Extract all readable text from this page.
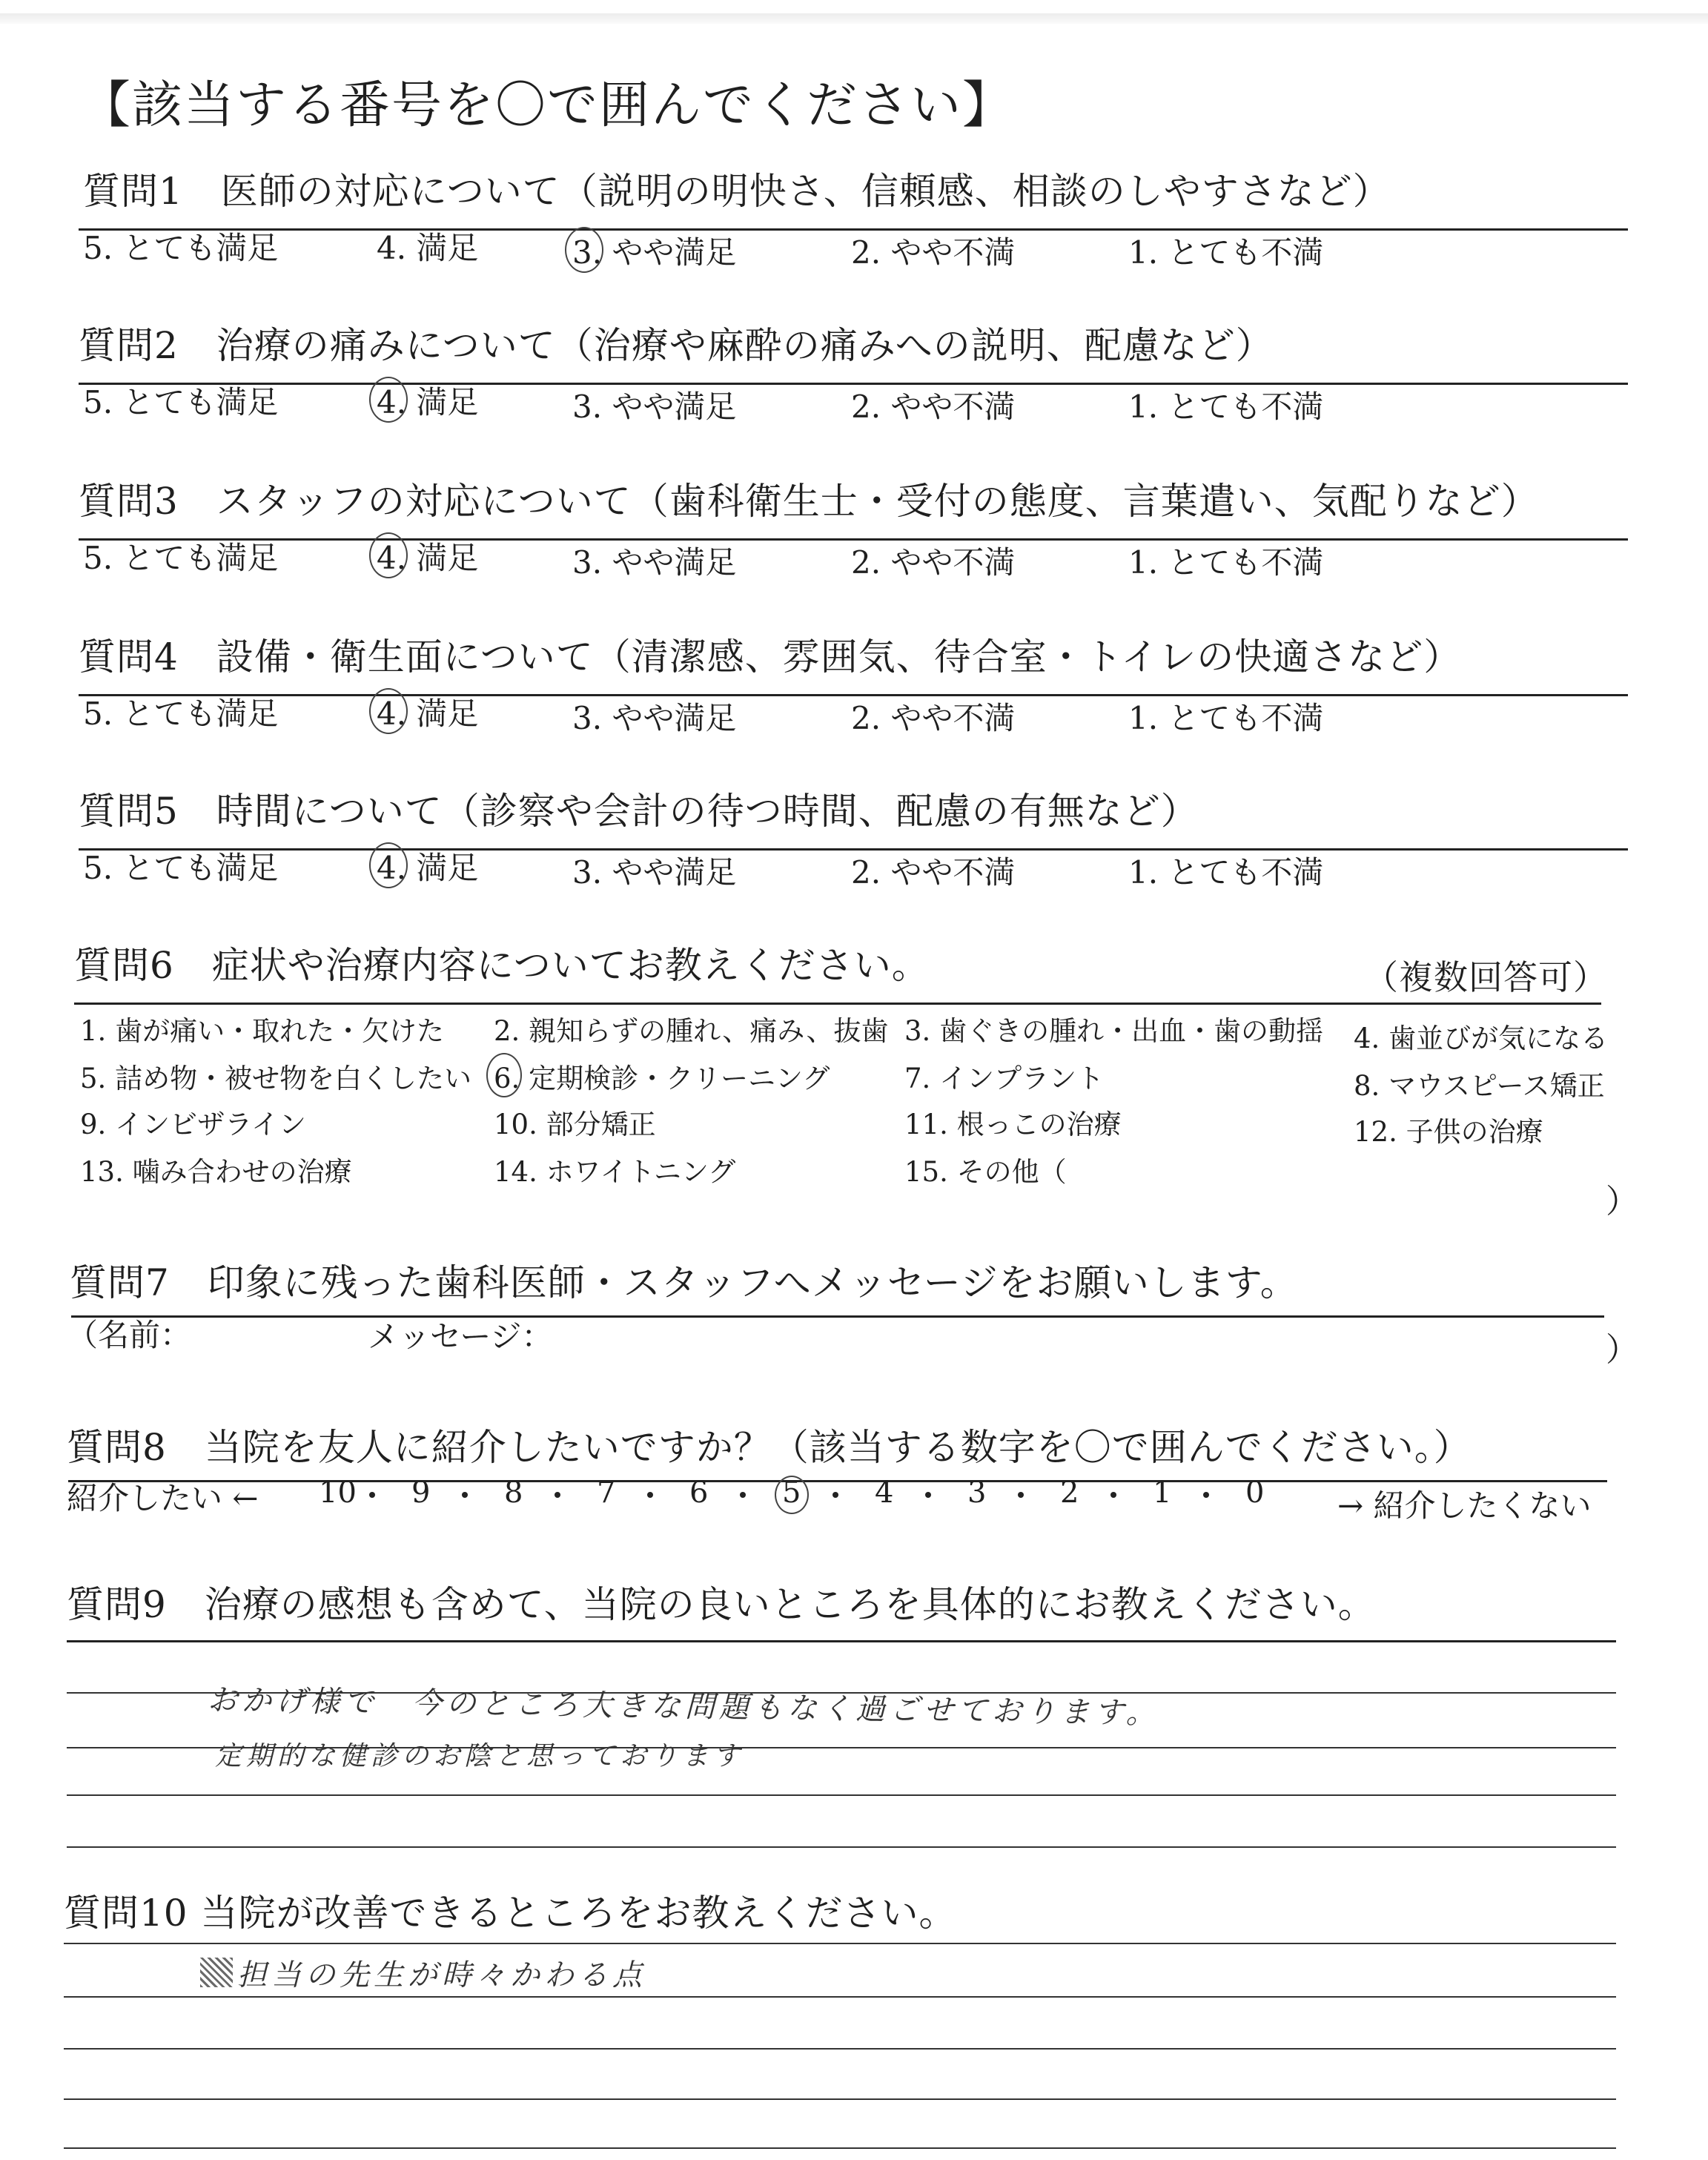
【該当する番号を〇で囲んでください】
質問1　医師の対応について（説明の明快さ、信頼感、相談のしやすさなど）
5. とても満足	4. 満足	3. やや満足	2. やや不満	1. とても不満
質問2　治療の痛みについて（治療や麻酔の痛みへの説明、配慮など）
5. とても満足	4. 満足	3. やや満足	2. やや不満	1. とても不満
質問3　スタッフの対応について（歯科衛生士・受付の態度、言葉遣い、気配りなど）
5. とても満足	4. 満足	3. やや満足	2. やや不満	1. とても不満
質問4　設備・衛生面について（清潔感、雰囲気、待合室・トイレの快適さなど）
5. とても満足	4. 満足	3. やや満足	2. やや不満	1. とても不満
質問5　時間について（診察や会計の待つ時間、配慮の有無など）
5. とても満足	4. 満足	3. やや満足	2. やや不満	1. とても不満
質問6　症状や治療内容についてお教えください。	（複数回答可）
1. 歯が痛い・取れた・欠けた 2. 親知らずの腫れ、痛み、抜歯 3. 歯ぐきの腫れ・出血・歯の動揺 4. 歯並びが気になる
5. 詰め物・被せ物を白くしたい 6. 定期検診・クリーニング	7. インプラント	8. マウスピース矯正
9. インビザライン	10. 部分矯正	11. 根っこの治療	12. 子供の治療
13. 噛み合わせの治療	14. ホワイトニング	15. その他（
）
質問7　印象に残った歯科医師・スタッフへメッセージをお願いします。
（名前：	メッセージ：	）
質問8　当院を友人に紹介したいですか？（該当する数字を〇で囲んでください。）
紹介したい ← 10 9 8 7 6 5 4 3 2 1 0 → 紹介したくない
質問9　治療の感想も含めて、当院の良いところを具体的にお教えください。
おかげ様で　今のところ大きな問題もなく過ごせております。
定期的な健診のお陰と思っております
質問10 当院が改善できるところをお教えください。
担当の先生が時々かわる点
